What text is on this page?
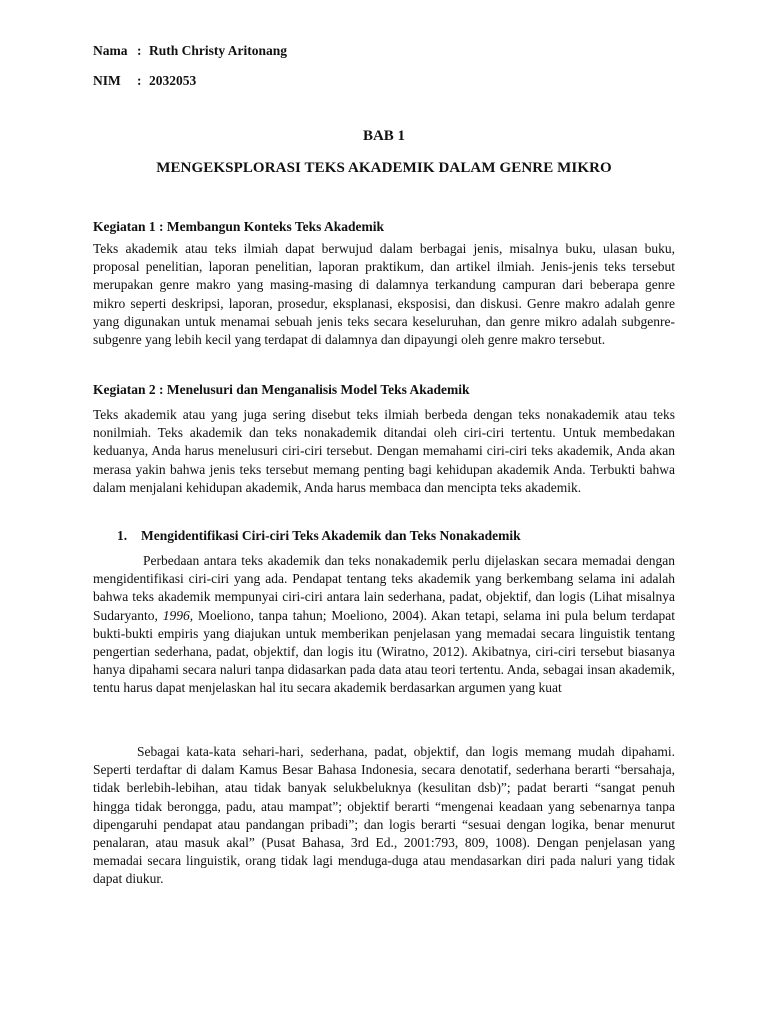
Nama : Ruth Christy Aritonang
NIM : 2032053
BAB 1
MENGEKSPLORASI TEKS AKADEMIK DALAM GENRE MIKRO
Kegiatan 1 : Membangun Konteks Teks Akademik
Teks akademik atau teks ilmiah dapat berwujud dalam berbagai jenis, misalnya buku, ulasan buku, proposal penelitian, laporan penelitian, laporan praktikum, dan artikel ilmiah. Jenis-jenis teks tersebut merupakan genre makro yang masing-masing di dalamnya terkandung campuran dari beberapa genre mikro seperti deskripsi, laporan, prosedur, eksplanasi, eksposisi, dan diskusi. Genre makro adalah genre yang digunakan untuk menamai sebuah jenis teks secara keseluruhan, dan genre mikro adalah subgenre-subgenre yang lebih kecil yang terdapat di dalamnya dan dipayungi oleh genre makro tersebut.
Kegiatan 2 : Menelusuri dan Menganalisis Model Teks Akademik
Teks akademik atau yang juga sering disebut teks ilmiah berbeda dengan teks nonakademik atau teks nonilmiah. Teks akademik dan teks nonakademik ditandai oleh ciri-ciri tertentu. Untuk membedakan keduanya, Anda harus menelusuri ciri-ciri tersebut. Dengan memahami ciri-ciri teks akademik, Anda akan merasa yakin bahwa jenis teks tersebut memang penting bagi kehidupan akademik Anda. Terbukti bahwa dalam menjalani kehidupan akademik, Anda harus membaca dan mencipta teks akademik.
1. Mengidentifikasi Ciri-ciri Teks Akademik dan Teks Nonakademik
Perbedaan antara teks akademik dan teks nonakademik perlu dijelaskan secara memadai dengan mengidentifikasi ciri-ciri yang ada. Pendapat tentang teks akademik yang berkembang selama ini adalah bahwa teks akademik mempunyai ciri-ciri antara lain sederhana, padat, objektif, dan logis (Lihat misalnya Sudaryanto, 1996, Moeliono, tanpa tahun; Moeliono, 2004). Akan tetapi, selama ini pula belum terdapat bukti-bukti empiris yang diajukan untuk memberikan penjelasan yang memadai secara linguistik tentang pengertian sederhana, padat, objektif, dan logis itu (Wiratno, 2012). Akibatnya, ciri-ciri tersebut biasanya hanya dipahami secara naluri tanpa didasarkan pada data atau teori tertentu. Anda, sebagai insan akademik, tentu harus dapat menjelaskan hal itu secara akademik berdasarkan argumen yang kuat
Sebagai kata-kata sehari-hari, sederhana, padat, objektif, dan logis memang mudah dipahami. Seperti terdaftar di dalam Kamus Besar Bahasa Indonesia, secara denotatif, sederhana berarti “bersahaja, tidak berlebih-lebihan, atau tidak banyak selukbeluknya (kesulitan dsb)”; padat berarti “sangat penuh hingga tidak berongga, padu, atau mampat”; objektif berarti “mengenai keadaan yang sebenarnya tanpa dipengaruhi pendapat atau pandangan pribadi”; dan logis berarti “sesuai dengan logika, benar menurut penalaran, atau masuk akal” (Pusat Bahasa, 3rd Ed., 2001:793, 809, 1008). Dengan penjelasan yang memadai secara linguistik, orang tidak lagi menduga-duga atau mendasarkan diri pada naluri yang tidak dapat diukur.
